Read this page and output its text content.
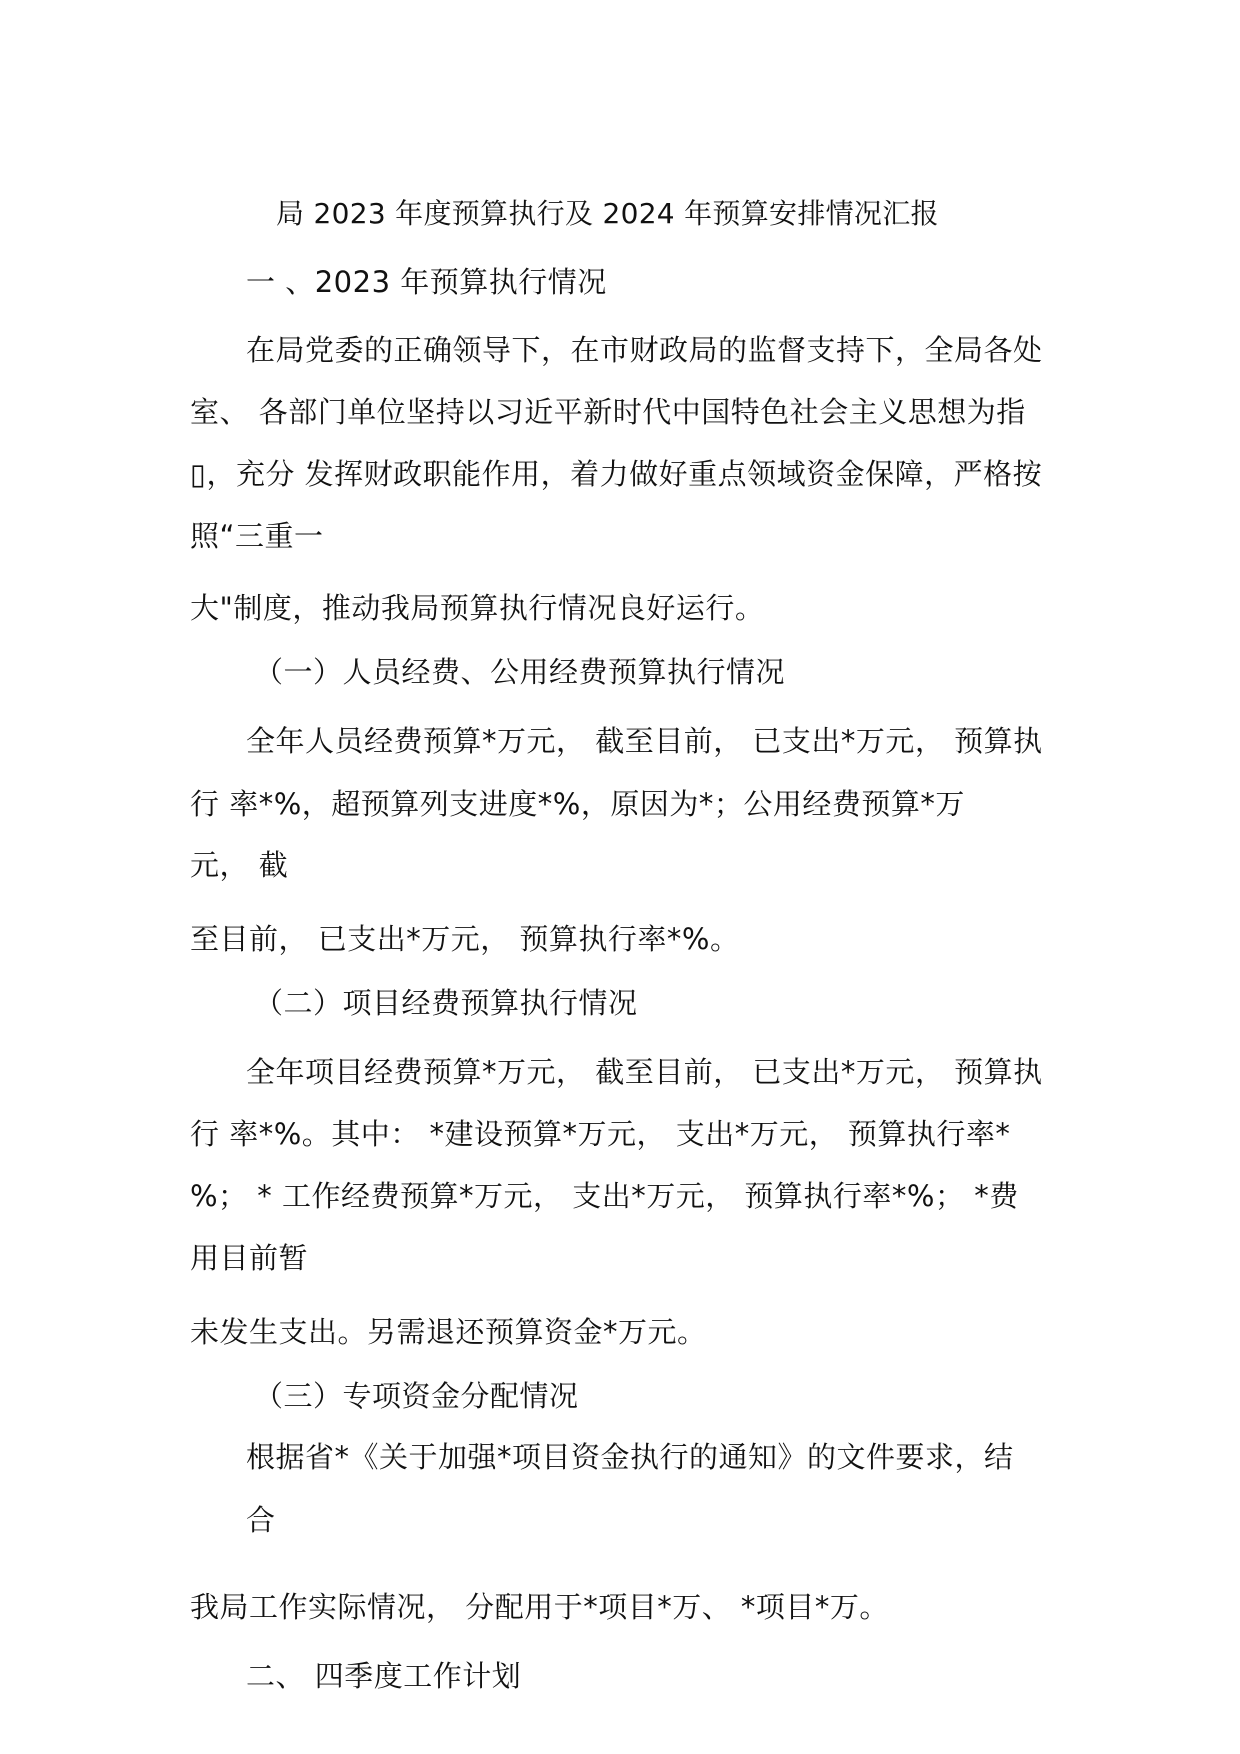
局 2023 年度预算执行及 2024 年预算安排情况汇报
一 、2023 年预算执行情况
在局党委的正确领导下，在市财政局的监督支持下，全局各处
室、 各部门单位坚持以习近平新时代中国特色社会主义思想为指
▯，充分 发挥财政职能作用，着力做好重点领域资金保障，严格按
照“三重一
大"制度，推动我局预算执行情况良好运行。
（一）人员经费、公用经费预算执行情况
全年人员经费预算*万元， 截至目前， 已支出*万元， 预算执
行 率*%，超预算列支进度*%，原因为*；公用经费预算*万
元， 截
至目前， 已支出*万元， 预算执行率*%。
（二）项目经费预算执行情况
全年项目经费预算*万元， 截至目前， 已支出*万元， 预算执
行 率*%。其中： *建设预算*万元， 支出*万元， 预算执行率*
%； * 工作经费预算*万元， 支出*万元， 预算执行率*%； *费
用目前暂
未发生支出。另需退还预算资金*万元。
（三）专项资金分配情况
根据省*《关于加强*项目资金执行的通知》的文件要求，结
合
我局工作实际情况， 分配用于*项目*万、 *项目*万。
二、 四季度工作计划
